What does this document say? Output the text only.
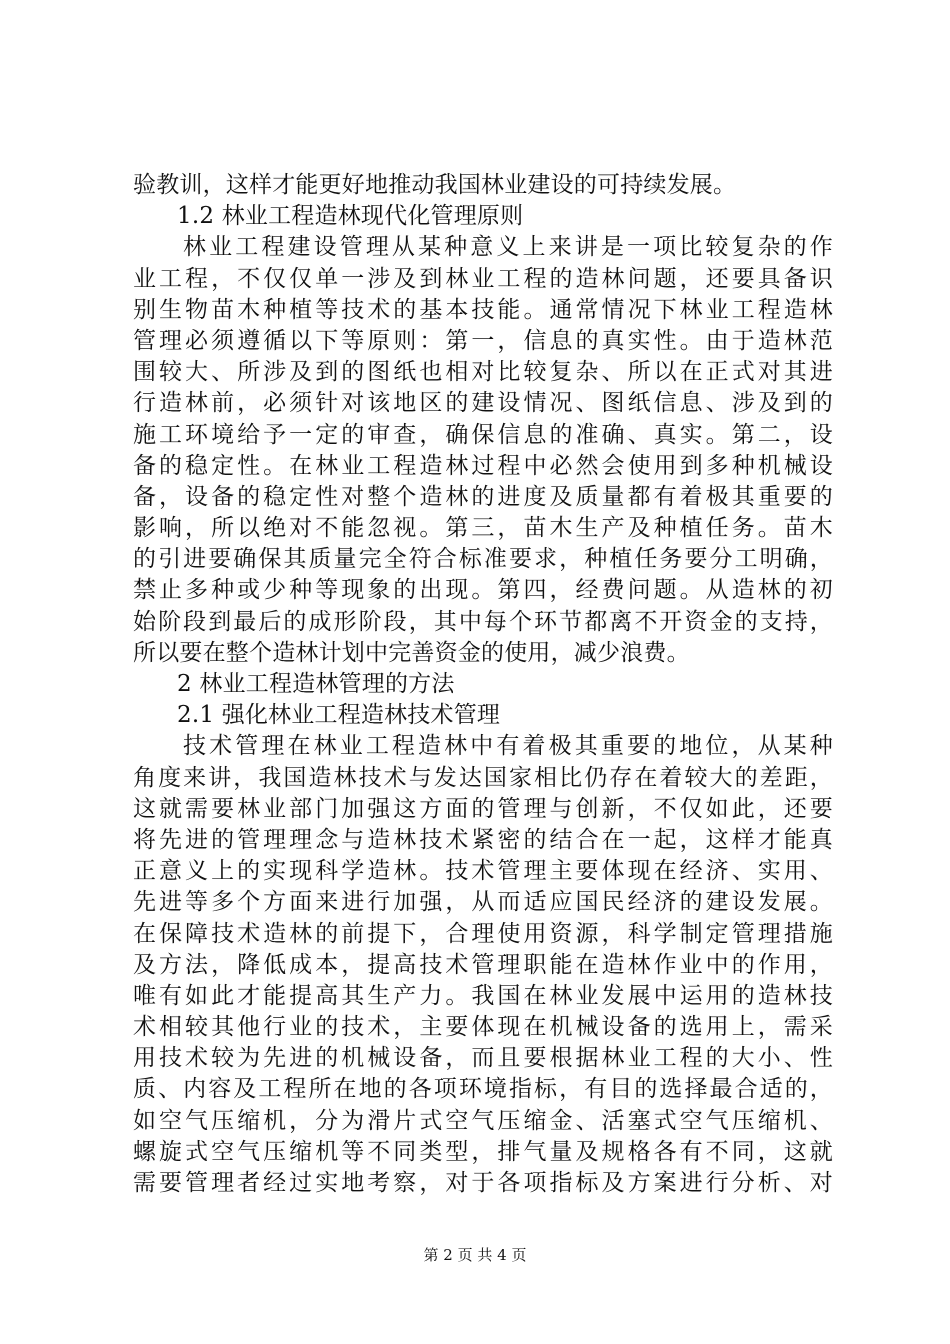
验教训，这样才能更好地推动我国林业建设的可持续发展。
1.2 林业工程造林现代化管理原则
林业工程建设管理从某种意义上来讲是一项比较复杂的作
业工程，不仅仅单一涉及到林业工程的造林问题，还要具备识
别生物苗木种植等技术的基本技能。通常情况下林业工程造林
管理必须遵循以下等原则：第一，信息的真实性。由于造林范
围较大、所涉及到的图纸也相对比较复杂、所以在正式对其进
行造林前，必须针对该地区的建设情况、图纸信息、涉及到的
施工环境给予一定的审查，确保信息的准确、真实。第二，设
备的稳定性。在林业工程造林过程中必然会使用到多种机械设
备，设备的稳定性对整个造林的进度及质量都有着极其重要的
影响，所以绝对不能忽视。第三，苗木生产及种植任务。苗木
的引进要确保其质量完全符合标准要求，种植任务要分工明确，
禁止多种或少种等现象的出现。第四，经费问题。从造林的初
始阶段到最后的成形阶段，其中每个环节都离不开资金的支持，
所以要在整个造林计划中完善资金的使用，减少浪费。
2 林业工程造林管理的方法
2.1 强化林业工程造林技术管理
技术管理在林业工程造林中有着极其重要的地位，从某种
角度来讲，我国造林技术与发达国家相比仍存在着较大的差距，
这就需要林业部门加强这方面的管理与创新，不仅如此，还要
将先进的管理理念与造林技术紧密的结合在一起，这样才能真
正意义上的实现科学造林。技术管理主要体现在经济、实用、
先进等多个方面来进行加强，从而适应国民经济的建设发展。
在保障技术造林的前提下，合理使用资源，科学制定管理措施
及方法，降低成本，提高技术管理职能在造林作业中的作用，
唯有如此才能提高其生产力。我国在林业发展中运用的造林技
术相较其他行业的技术，主要体现在机械设备的选用上，需采
用技术较为先进的机械设备，而且要根据林业工程的大小、性
质、内容及工程所在地的各项环境指标，有目的选择最合适的，
如空气压缩机，分为滑片式空气压缩金、活塞式空气压缩机、
螺旋式空气压缩机等不同类型，排气量及规格各有不同，这就
需要管理者经过实地考察，对于各项指标及方案进行分析、对
第 2 页 共 4 页
